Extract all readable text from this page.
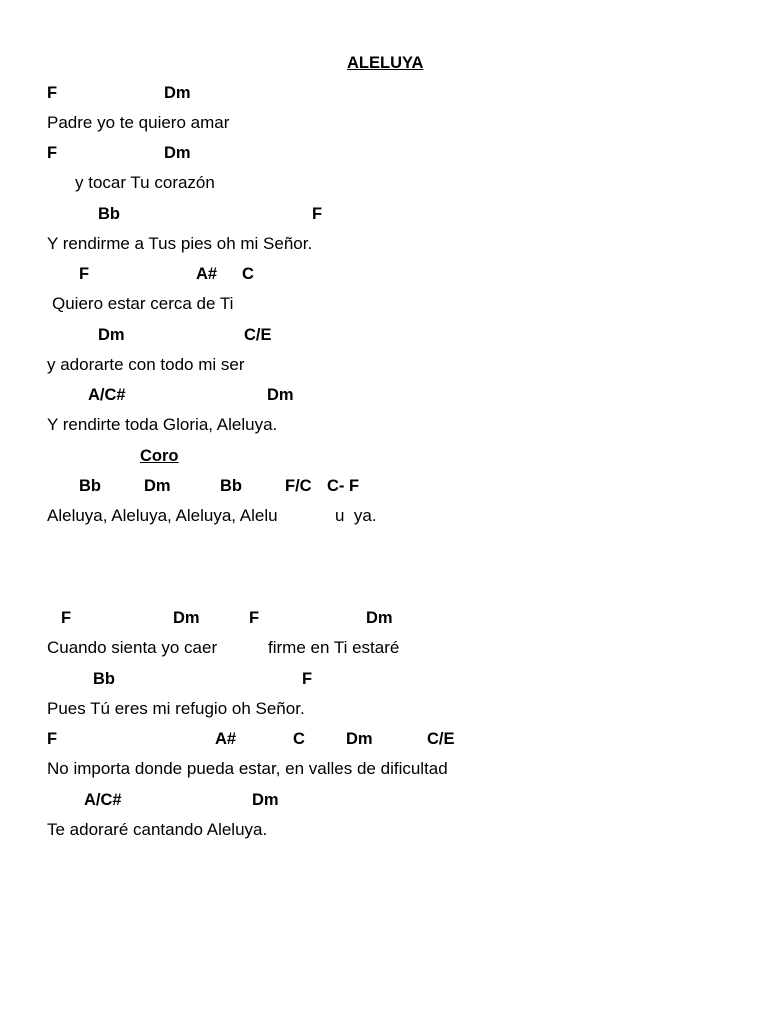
ALELUYA
F	Dm
Padre yo te quiero amar
F	Dm
y tocar Tu corazón
Bb	F
Y rendirme a Tus pies oh mi Señor.
F	A# C
Quiero estar cerca de Ti
Dm	C/E
y adorarte con todo mi ser
A/C#	Dm
Y rendirte toda Gloria, Aleluya.
Coro
Bb	Dm	Bb	F/C C- F
Aleluya, Aleluya, Aleluya, Alelu	u  ya.
F	Dm	F	Dm
Cuando sienta yo caer	firme en Ti estaré
Bb	F
Pues Tú eres mi refugio oh Señor.
F	A#	C Dm	C/E
No importa donde pueda estar, en valles de dificultad
A/C#	Dm
Te adoraré cantando Aleluya.
